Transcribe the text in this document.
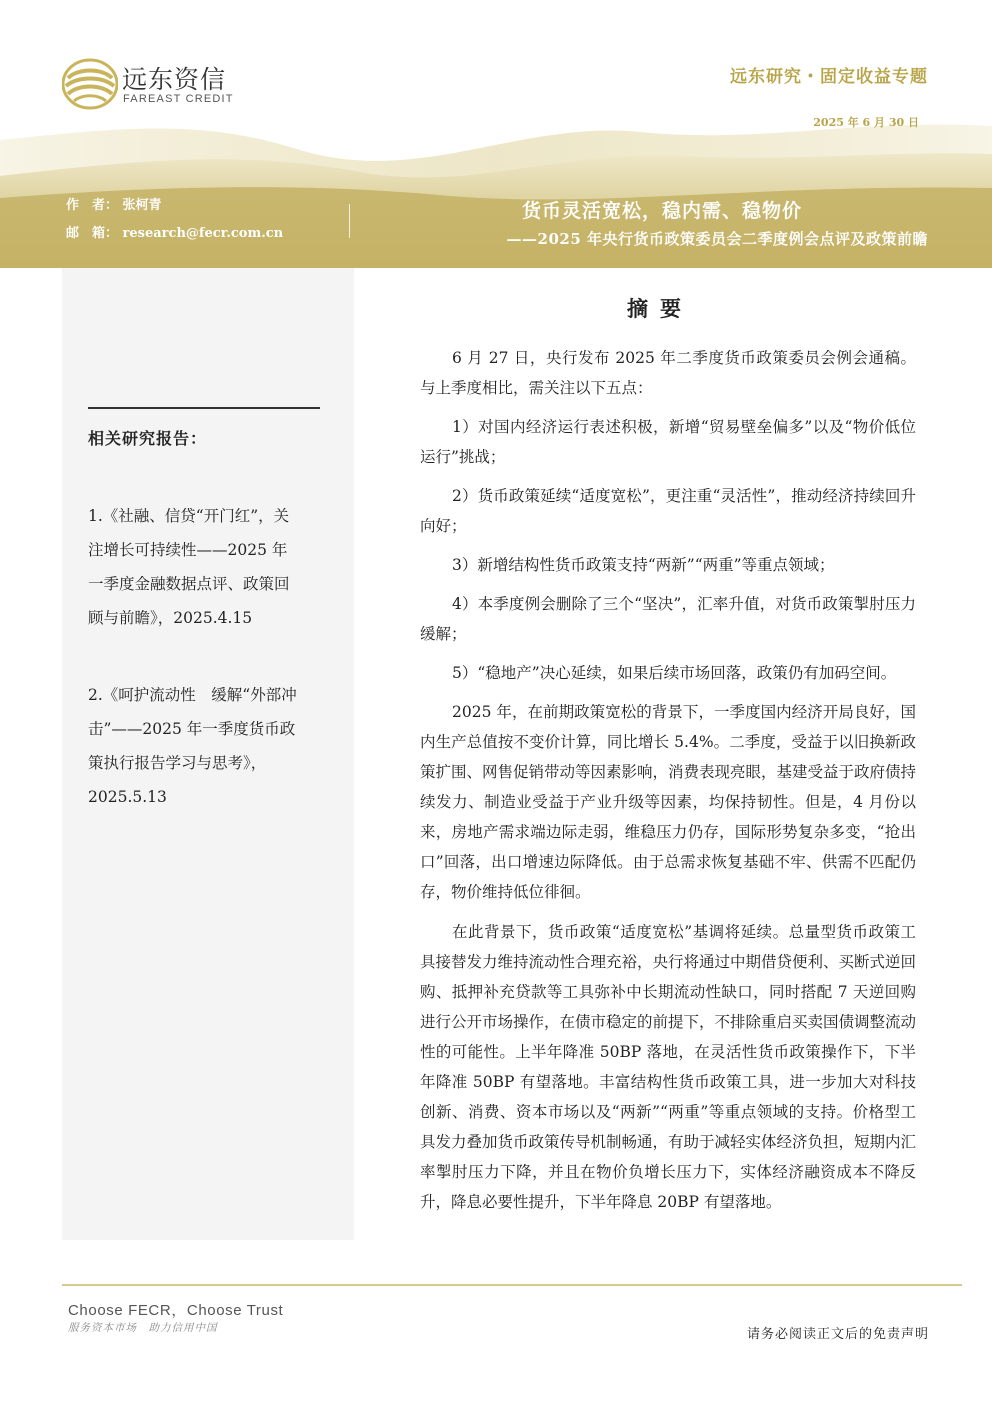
远东资信
FAREAST CREDIT
远东研究・固定收益专题
2025 年 6 月 30 日
作　者： 张柯青
邮　箱： research@fecr.com.cn
货币灵活宽松，稳内需、稳物价
——2025 年央行货币政策委员会二季度例会点评及政策前瞻
相关研究报告：

1.《社融、信贷“开门红”，关
注增长可持续性——2025 年
一季度金融数据点评、政策回
顾与前瞻》，2025.4.15

2.《呵护流动性　缓解“外部冲
击”——2025 年一季度货币政
策执行报告学习与思考》，
2025.5.13

摘要

6 月 27 日，央行发布 2025 年二季度货币政策委员会例会通稿。与上季度相比，需关注以下五点：

1）对国内经济运行表述积极，新增“贸易壁垒偏多”以及“物价低位运行”挑战；

2）货币政策延续“适度宽松”，更注重“灵活性”，推动经济持续回升向好；

3）新增结构性货币政策支持“两新”“两重”等重点领域；

4）本季度例会删除了三个“坚决”，汇率升值，对货币政策掣肘压力缓解；

5）“稳地产”决心延续，如果后续市场回落，政策仍有加码空间。

2025 年，在前期政策宽松的背景下，一季度国内经济开局良好，国内生产总值按不变价计算，同比增长 5.4%。二季度，受益于以旧换新政策扩围、网售促销带动等因素影响，消费表现亮眼，基建受益于政府债持续发力、制造业受益于产业升级等因素，均保持韧性。但是，4 月份以来，房地产需求端边际走弱，维稳压力仍存，国际形势复杂多变，“抢出口”回落，出口增速边际降低。由于总需求恢复基础不牢、供需不匹配仍存，物价维持低位徘徊。

在此背景下，货币政策“适度宽松”基调将延续。总量型货币政策工具接替发力维持流动性合理充裕，央行将通过中期借贷便利、买断式逆回购、抵押补充贷款等工具弥补中长期流动性缺口，同时搭配 7 天逆回购进行公开市场操作，在债市稳定的前提下，不排除重启买卖国债调整流动性的可能性。上半年降准 50BP 落地，在灵活性货币政策操作下，下半年降准 50BP 有望落地。丰富结构性货币政策工具，进一步加大对科技创新、消费、资本市场以及“两新”“两重”等重点领域的支持。价格型工具发力叠加货币政策传导机制畅通，有助于减轻实体经济负担，短期内汇率掣肘压力下降，并且在物价负增长压力下，实体经济融资成本不降反升，降息必要性提升，下半年降息 20BP 有望落地。

Choose FECR，Choose Trust
服务资本市场　助力信用中国	请务必阅读正文后的免责声明
